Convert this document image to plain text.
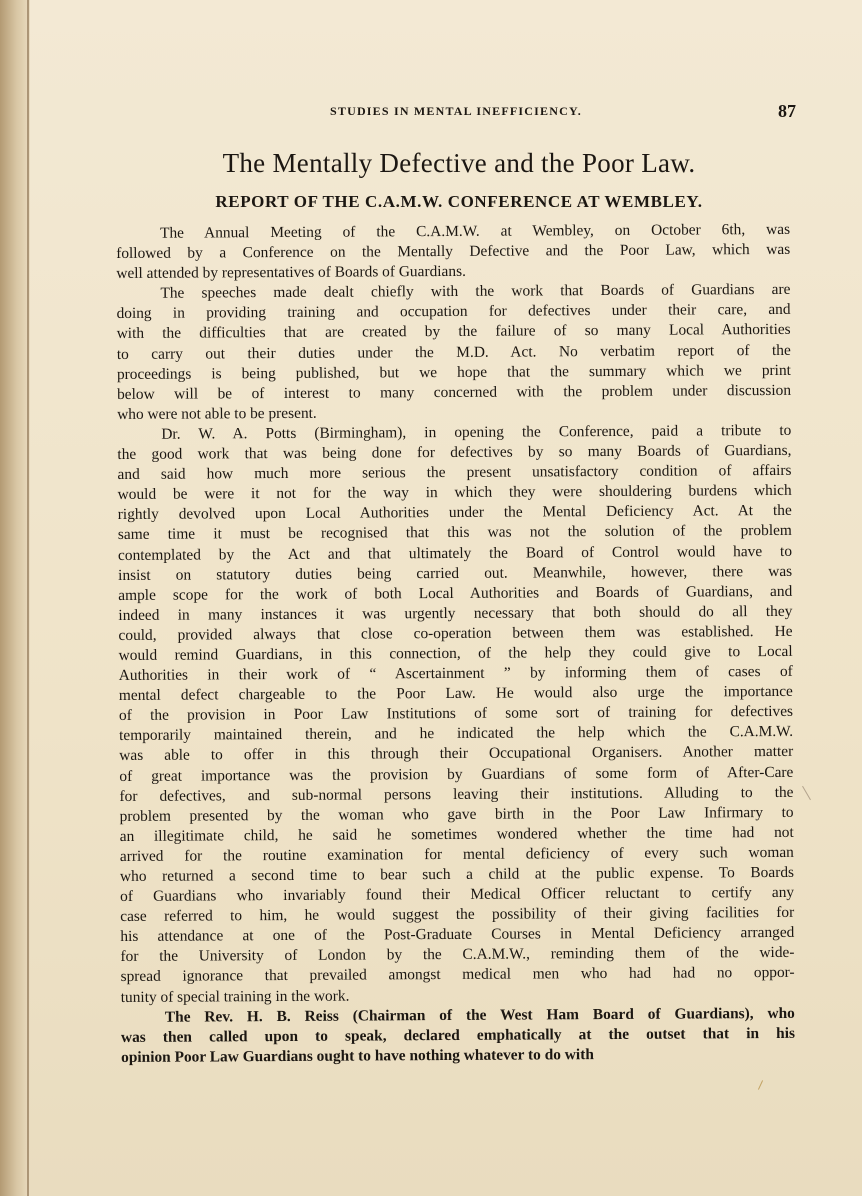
STUDIES IN MENTAL INEFFICIENCY.	87
The Mentally Defective and the Poor Law.
REPORT OF THE C.A.M.W. CONFERENCE AT WEMBLEY.
The Annual Meeting of the C.A.M.W. at Wembley, on October 6th, was
followed by a Conference on the Mentally Defective and the Poor Law, which was
well attended by representatives of Boards of Guardians.
The speeches made dealt chiefly with the work that Boards of Guardians are
doing in providing training and occupation for defectives under their care, and
with the difficulties that are created by the failure of so many Local Authorities
to carry out their duties under the M.D. Act. No verbatim report of the
proceedings is being published, but we hope that the summary which we print
below will be of interest to many concerned with the problem under discussion
who were not able to be present.
Dr. W. A. Potts (Birmingham), in opening the Conference, paid a tribute to
the good work that was being done for defectives by so many Boards of Guardians,
and said how much more serious the present unsatisfactory condition of affairs
would be were it not for the way in which they were shouldering burdens which
rightly devolved upon Local Authorities under the Mental Deficiency Act. At the
same time it must be recognised that this was not the solution of the problem
contemplated by the Act and that ultimately the Board of Control would have to
insist on statutory duties being carried out. Meanwhile, however, there was
ample scope for the work of both Local Authorities and Boards of Guardians, and
indeed in many instances it was urgently necessary that both should do all they
could, provided always that close co-operation between them was established. He
would remind Guardians, in this connection, of the help they could give to Local
Authorities in their work of “ Ascertainment ” by informing them of cases of
mental defect chargeable to the Poor Law. He would also urge the importance
of the provision in Poor Law Institutions of some sort of training for defectives
temporarily maintained therein, and he indicated the help which the C.A.M.W.
was able to offer in this through their Occupational Organisers. Another matter
of great importance was the provision by Guardians of some form of After-Care
for defectives, and sub-normal persons leaving their institutions. Alluding to the
problem presented by the woman who gave birth in the Poor Law Infirmary to
an illegitimate child, he said he sometimes wondered whether the time had not
arrived for the routine examination for mental deficiency of every such woman
who returned a second time to bear such a child at the public expense. To Boards
of Guardians who invariably found their Medical Officer reluctant to certify any
case referred to him, he would suggest the possibility of their giving facilities for
his attendance at one of the Post-Graduate Courses in Mental Deficiency arranged
for the University of London by the C.A.M.W., reminding them of the wide-
spread ignorance that prevailed amongst medical men who had had no oppor-
tunity of special training in the work.
The Rev. H. B. Reiss (Chairman of the West Ham Board of Guardians), who
was then called upon to speak, declared emphatically at the outset that in his
opinion Poor Law Guardians ought to have nothing whatever to do with
